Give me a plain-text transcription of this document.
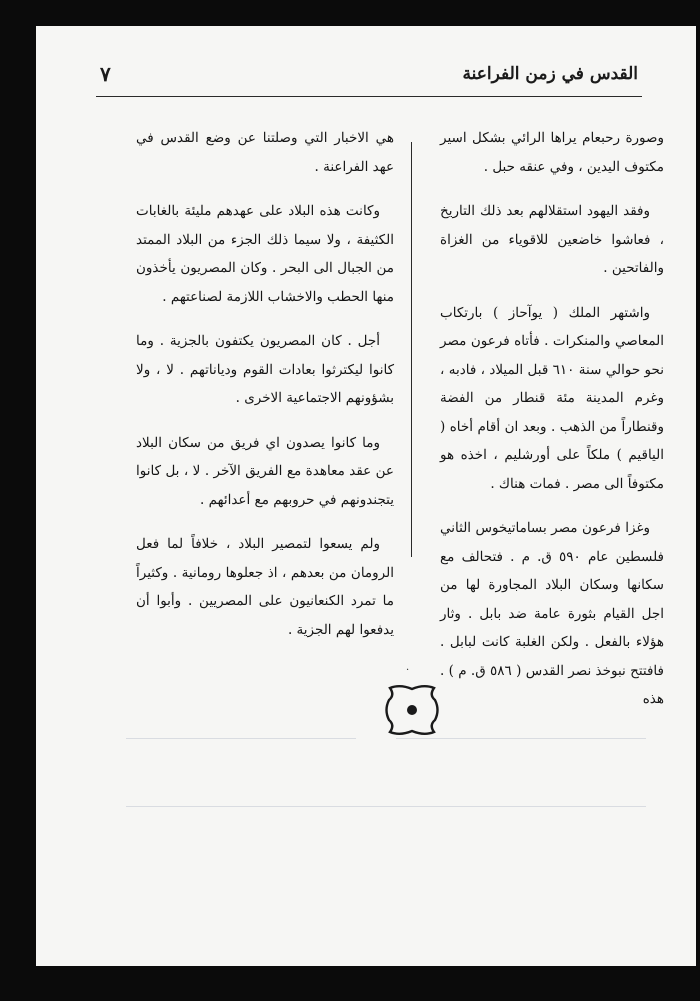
القدس في زمن الفراعنة
٧

وصورة رحبعام يراها الرائي بشكل اسير مكتوف اليدين ، وفي عنقه حبل .

وفقد اليهود استقلالهم بعد ذلك التاريخ ، فعاشوا خاضعين للاقوياء من الغزاة والفاتحين .

واشتهر الملك ( يوآحاز ) بارتكاب المعاصي والمنكرات . فأتاه فرعون مصر نحو حوالي سنة ٦١٠ قبل الميلاد ، فادبه ، وغرم المدينة مئة قنطار من الفضة وقنطاراً من الذهب . وبعد ان أقام أخاه ( الياقيم ) ملكاً على أورشليم ، اخذه هو مكتوفاً الى مصر . فمات هناك .

وغزا فرعون مصر بساماتيخوس الثاني فلسطين عام ٥٩٠ ق. م . فتحالف مع سكانها وسكان البلاد المجاورة لها من اجل القيام بثورة عامة ضد بابل . وثار هؤلاء بالفعل . ولكن الغلبة كانت لبابل . فافتتح نبوخذ نصر القدس ( ٥٨٦ ق. م ) . هذه

هي الاخبار التي وصلتنا عن وضع القدس في عهد الفراعنة .

وكانت هذه البلاد على عهدهم مليئة بالغابات الكثيفة ، ولا سيما ذلك الجزء من البلاد الممتد من الجبال الى البحر . وكان المصريون يأخذون منها الحطب والاخشاب اللازمة لصناعتهم .

أجل . كان المصريون يكتفون بالجزية . وما كانوا ليكترثوا بعادات القوم ودياناتهم . لا ، ولا بشؤونهم الاجتماعية الاخرى .

وما كانوا يصدون اي فريق من سكان البلاد عن عقد معاهدة مع الفريق الآخر . لا ، بل كانوا يتجندونهم في حروبهم مع أعدائهم .

ولم يسعوا لتمصير البلاد ، خلافاً لما فعل الرومان من بعدهم ، اذ جعلوها رومانية . وكثيراً ما تمرد الكنعانيون على المصريين . وأبوا أن يدفعوا لهم الجزية .

·
